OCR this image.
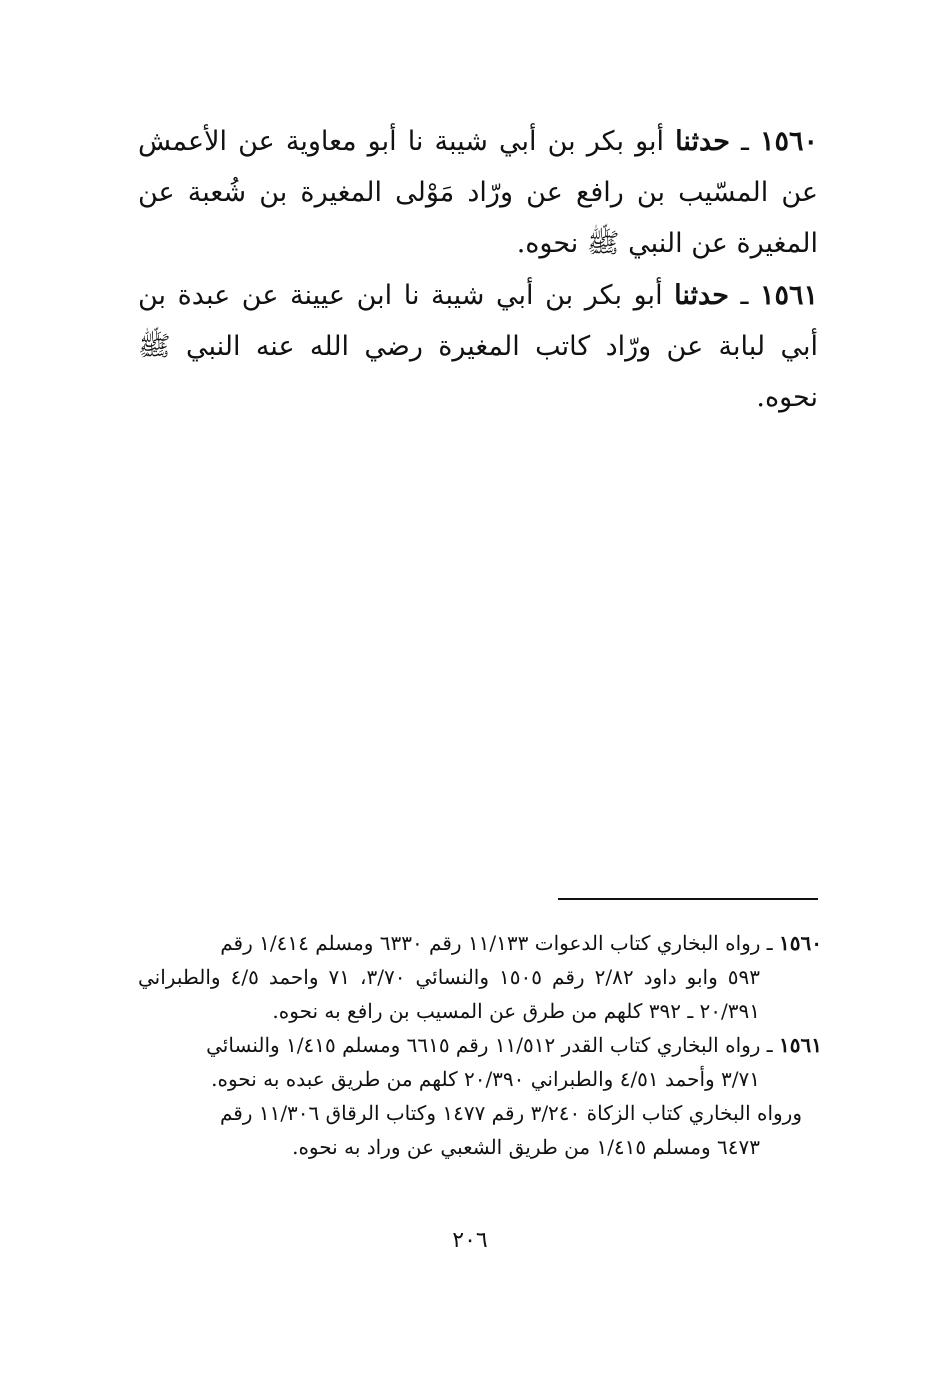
١٥٦٠ ـ حدثنا أبو بكر بن أبي شيبة نا أبو معاوية عن الأعمش عن المسّيب بن رافع عن ورّاد مَوْلى المغيرة بن شُعبة عن المغيرة عن النبي ﷺ نحوه.
١٥٦١ ـ حدثنا أبو بكر بن أبي شيبة نا ابن عيينة عن عبدة بن أبي لبابة عن ورّاد كاتب المغيرة رضي الله عنه النبي ﷺ نحوه.

١٥٦٠ ـ رواه البخاري كتاب الدعوات ١١/١٣٣ رقم ٦٣٣٠ ومسلم ١/٤١٤ رقم

٥٩٣ وابو داود ٢/٨٢ رقم ١٥٠٥ والنسائي ٣/٧٠، ٧١ واحمد ٤/٥ والطبراني ٢٠/٣٩١ ـ ٣٩٢ كلهم من طرق عن المسيب بن رافع به نحوه.

١٥٦١ ـ رواه البخاري كتاب القدر ١١/٥١٢ رقم ٦٦١٥ ومسلم ١/٤١٥ والنسائي

٣/٧١ وأحمد ٤/٥١ والطبراني ٢٠/٣٩٠ كلهم من طريق عبده به نحوه.

ورواه البخاري كتاب الزكاة ٣/٢٤٠ رقم ١٤٧٧ وكتاب الرقاق ١١/٣٠٦ رقم

٦٤٧٣ ومسلم ١/٤١٥ من طريق الشعبي عن وراد به نحوه.

٢٠٦
